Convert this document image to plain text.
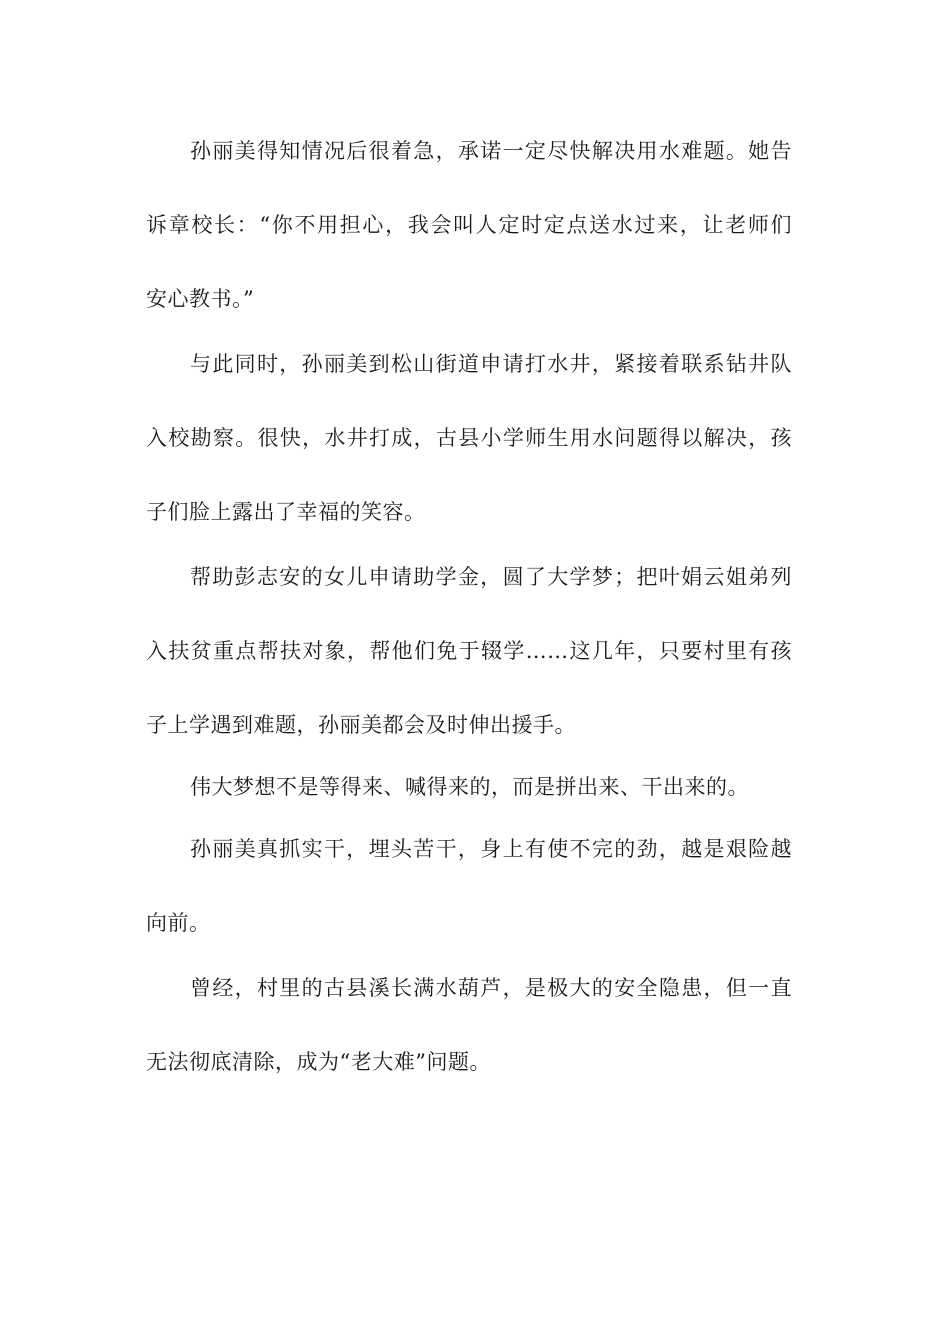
孙丽美得知情况后很着急，承诺一定尽快解决用水难题。她告
诉章校长：“你不用担心，我会叫人定时定点送水过来，让老师们
安心教书。”
与此同时，孙丽美到松山街道申请打水井，紧接着联系钻井队
入校勘察。很快，水井打成，古县小学师生用水问题得以解决，孩
子们脸上露出了幸福的笑容。
帮助彭志安的女儿申请助学金，圆了大学梦；把叶娟云姐弟列
入扶贫重点帮扶对象，帮他们免于辍学……这几年，只要村里有孩
子上学遇到难题，孙丽美都会及时伸出援手。
伟大梦想不是等得来、喊得来的，而是拼出来、干出来的。
孙丽美真抓实干，埋头苦干，身上有使不完的劲，越是艰险越
向前。
曾经，村里的古县溪长满水葫芦，是极大的安全隐患，但一直
无法彻底清除，成为“老大难”问题。
